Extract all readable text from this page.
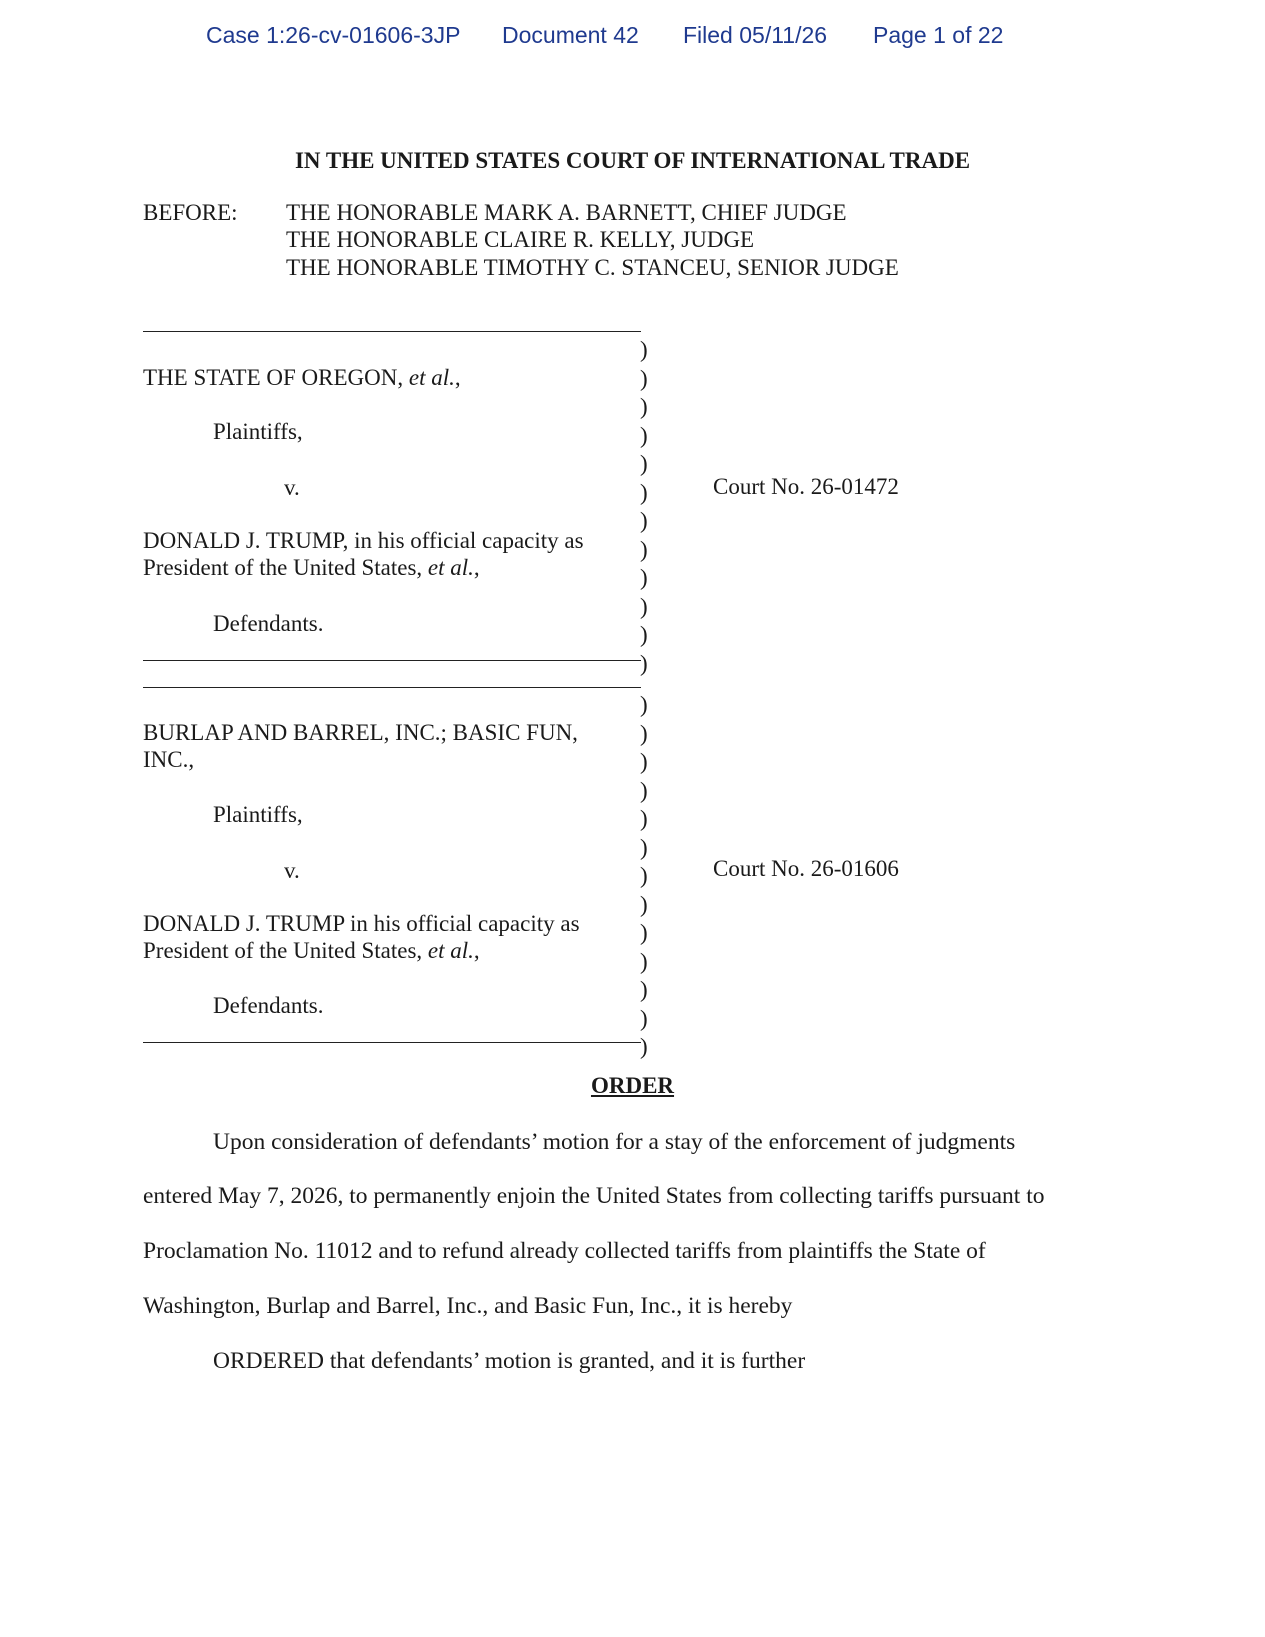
Case 1:26-cv-01606-3JP Document 42 Filed 05/11/26 Page 1 of 22
IN THE UNITED STATES COURT OF INTERNATIONAL TRADE
BEFORE: THE HONORABLE MARK A. BARNETT, CHIEF JUDGE
THE HONORABLE CLAIRE R. KELLY, JUDGE
THE HONORABLE TIMOTHY C. STANCEU, SENIOR JUDGE
THE STATE OF OREGON, et al.,
Plaintiffs,
v.
DONALD J. TRUMP, in his official capacity as
President of the United States, et al.,
Defendants.
)
)
)
)
)
)
)
)
)
)
)
)
Court No. 26-01472
BURLAP AND BARREL, INC.; BASIC FUN,
INC.,
Plaintiffs,
v.
DONALD J. TRUMP in his official capacity as
President of the United States, et al.,
Defendants.
)
)
)
)
)
)
)
)
)
)
)
)
)
Court No. 26-01606
ORDER
Upon consideration of defendants’ motion for a stay of the enforcement of judgments
entered May 7, 2026, to permanently enjoin the United States from collecting tariffs pursuant to
Proclamation No. 11012 and to refund already collected tariffs from plaintiffs the State of
Washington, Burlap and Barrel, Inc., and Basic Fun, Inc., it is hereby
ORDERED that defendants’ motion is granted, and it is further
